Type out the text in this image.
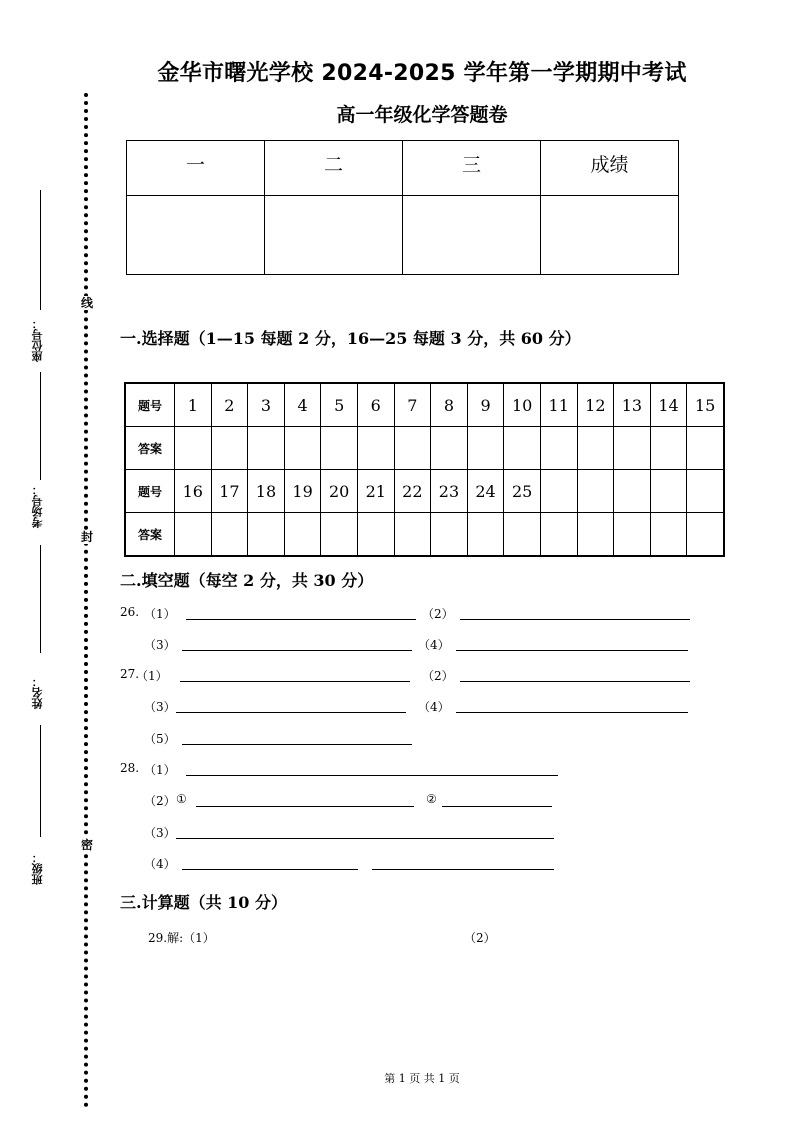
线
封
密
座位号：
考场号：
姓名：
班级：
金华市曙光学校 2024-2025 学年第一学期期中考试
高一年级化学答题卷
一	二	三	成绩

一.选择题（1—15 每题 2 分，16—25 每题 3 分，共 60 分）
题号	1	2	3	4	5	6	7	8	9	10	11	12	13	14	15
答案															
题号	16	17	18	19	20	21	22	23	24	25					
答案															
二.填空题（每空 2 分，共 30 分）
26. （1）	（2）
（3）	（4）
27.
（1）	（2）
（3）	（4）
（5）
28. （1）
（2） ①	②
（3）
（4）
三.计算题（共 10 分）
29.解:（1）	（2）
第 1 页 共 1 页
